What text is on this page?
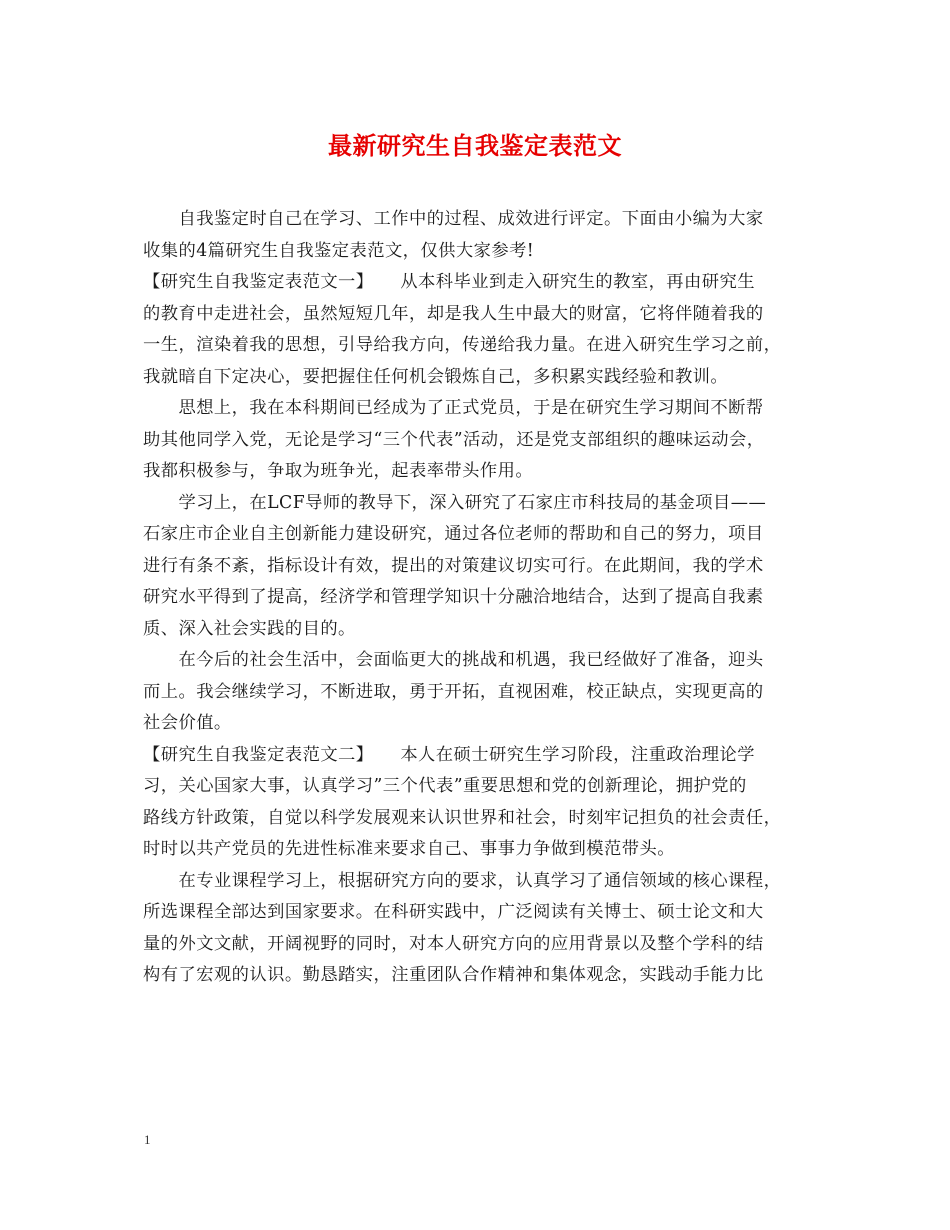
最新研究生自我鉴定表范文
　　自我鉴定时自己在学习、工作中的过程、成效进行评定。下面由小编为大家
收集的4篇研究生自我鉴定表范文，仅供大家参考!
【研究生自我鉴定表范文一】　　从本科毕业到走入研究生的教室，再由研究生
的教育中走进社会，虽然短短几年，却是我人生中最大的财富，它将伴随着我的
一生，渲染着我的思想，引导给我方向，传递给我力量。在进入研究生学习之前，
我就暗自下定决心，要把握住任何机会锻炼自己，多积累实践经验和教训。
　　思想上，我在本科期间已经成为了正式党员，于是在研究生学习期间不断帮
助其他同学入党，无论是学习“三个代表”活动，还是党支部组织的趣味运动会，
我都积极参与，争取为班争光，起表率带头作用。
　　学习上，在LCF导师的教导下，深入研究了石家庄市科技局的基金项目——
石家庄市企业自主创新能力建设研究，通过各位老师的帮助和自己的努力，项目
进行有条不紊，指标设计有效，提出的对策建议切实可行。在此期间，我的学术
研究水平得到了提高，经济学和管理学知识十分融洽地结合，达到了提高自我素
质、深入社会实践的目的。
　　在今后的社会生活中，会面临更大的挑战和机遇，我已经做好了准备，迎头
而上。我会继续学习，不断进取，勇于开拓，直视困难，校正缺点，实现更高的
社会价值。
【研究生自我鉴定表范文二】　　本人在硕士研究生学习阶段，注重政治理论学
习，关心国家大事，认真学习”三个代表”重要思想和党的创新理论，拥护党的
路线方针政策，自觉以科学发展观来认识世界和社会，时刻牢记担负的社会责任，
时时以共产党员的先进性标准来要求自己、事事力争做到模范带头。
　　在专业课程学习上，根据研究方向的要求，认真学习了通信领域的核心课程，
所选课程全部达到国家要求。在科研实践中，广泛阅读有关博士、硕士论文和大
量的外文文献，开阔视野的同时，对本人研究方向的应用背景以及整个学科的结
构有了宏观的认识。勤恳踏实，注重团队合作精神和集体观念，实践动手能力比
1
